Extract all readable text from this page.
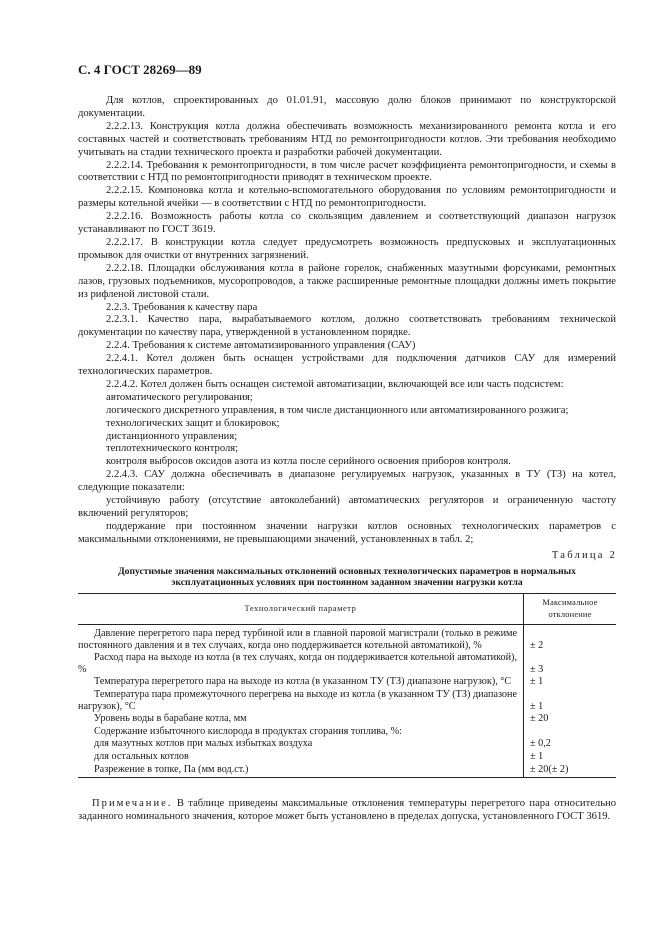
С. 4 ГОСТ 28269—89

Для котлов, спроектированных до 01.01.91, массовую долю блоков принимают по конструкторской документации.

2.2.2.13. Конструкция котла должна обеспечивать возможность механизированного ремонта котла и его составных частей и соответствовать требованиям НТД по ремонтопригодности котлов. Эти требования необходимо учитывать на стадии технического проекта и разработки рабочей документации.

2.2.2.14. Требования к ремонтопригодности, в том числе расчет коэффициента ремонтопригодности, и схемы в соответствии с НТД по ремонтопригодности приводят в техническом проекте.

2.2.2.15. Компоновка котла и котельно-вспомогательного оборудования по условиям ремонтопригодности и размеры котельной ячейки — в соответствии с НТД по ремонтопригодности.

2.2.2.16. Возможность работы котла со скользящим давлением и соответствующий диапазон нагрузок устанавливают по ГОСТ 3619.

2.2.2.17. В конструкции котла следует предусмотреть возможность предпусковых и эксплуатационных промывок для очистки от внутренних загрязнений.

2.2.2.18. Площадки обслуживания котла в районе горелок, снабженных мазутными форсунками, ремонтных лазов, грузовых подъемников, мусоропроводов, а также расширенные ремонтные площадки должны иметь покрытие из рифленой листовой стали.

2.2.3. Требования к качеству пара

2.2.3.1. Качество пара, вырабатываемого котлом, должно соответствовать требованиям технической документации по качеству пара, утвержденной в установленном порядке.

2.2.4. Требования к системе автоматизированного управления (САУ)

2.2.4.1. Котел должен быть оснащен устройствами для подключения датчиков САУ для измерений технологических параметров.

2.2.4.2. Котел должен быть оснащен системой автоматизации, включающей все или часть подсистем:

автоматического регулирования;

логического дискретного управления, в том числе дистанционного или автоматизированного розжига;

технологических защит и блокировок;

дистанционного управления;

теплотехнического контроля;

контроля выбросов оксидов азота из котла после серийного освоения приборов контроля.

2.2.4.3. САУ должна обеспечивать в диапазоне регулируемых нагрузок, указанных в ТУ (ТЗ) на котел, следующие показатели:

устойчивую работу (отсутствие автоколебаний) автоматических регуляторов и ограниченную частоту включений регуляторов;

поддержание при постоянном значении нагрузки котлов основных технологических параметров с максимальными отклонениями, не превышающими значений, установленных в табл. 2;

Таблица 2
Допустимые значения максимальных отклонений основных технологических параметров в нормальных эксплуатационных условиях при постоянном заданном значении нагрузки котла
Технологический параметр	Максимальное отклонение
Давление перегретого пара перед турбиной или в главной паровой магистрали (только в режиме постоянного давления и в тех случаях, когда оно поддерживается котельной автоматикой), %	± 2
Расход пара на выходе из котла (в тех случаях, когда он поддерживается котельной автоматикой), %	± 3
Температура перегретого пара на выходе из котла (в указанном ТУ (ТЗ) диапазоне нагрузок), °С	± 1
Температура пара промежуточного перегрева на выходе из котла (в указанном ТУ (ТЗ) диапазоне нагрузок), °С	± 1
Уровень воды в барабане котла, мм	± 20
Содержание избыточного кислорода в продуктах сгорания топлива, %:	
для мазутных котлов при малых избытках воздуха	± 0,2
для остальных котлов	± 1
Разрежение в топке, Па (мм вод.ст.)	± 20(± 2)
Примечание. В таблице приведены максимальные отклонения температуры перегретого пара относительно заданного номинального значения, которое может быть установлено в пределах допуска, установленного ГОСТ 3619.
